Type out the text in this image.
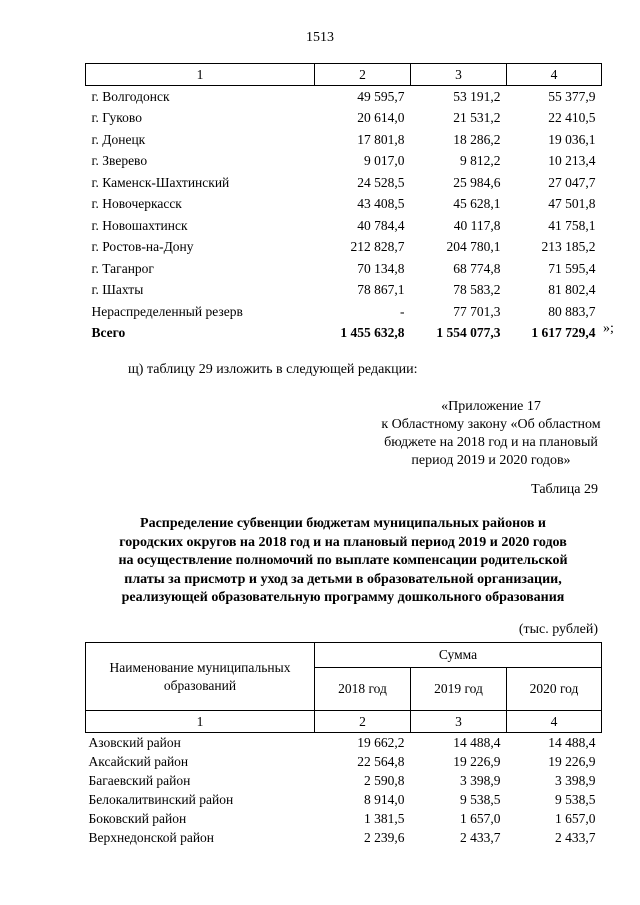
1513
1	2	3	4
г. Волгодонск	49 595,7	53 191,2	55 377,9
г. Гуково	20 614,0	21 531,2	22 410,5
г. Донецк	17 801,8	18 286,2	19 036,1
г. Зверево	9 017,0	9 812,2	10 213,4
г. Каменск-Шахтинский	24 528,5	25 984,6	27 047,7
г. Новочеркасск	43 408,5	45 628,1	47 501,8
г. Новошахтинск	40 784,4	40 117,8	41 758,1
г. Ростов-на-Дону	212 828,7	204 780,1	213 185,2
г. Таганрог	70 134,8	68 774,8	71 595,4
г. Шахты	78 867,1	78 583,2	81 802,4
Нераспределенный резерв	-	77 701,3	80 883,7
Всего	1 455 632,8	1 554 077,3	1 617 729,4 »;
щ) таблицу 29 изложить в следующей редакции:
«Приложение 17
к Областному закону «Об областном
бюджете на 2018 год и на плановый
период 2019 и 2020 годов»
Таблица 29
Распределение субвенции бюджетам муниципальных районов и
городских округов на 2018 год и на плановый период 2019 и 2020 годов
на осуществление полномочий по выплате компенсации родительской
платы за присмотр и уход за детьми в образовательной организации,
реализующей образовательную программу дошкольного образования
(тыс. рублей)
Наименование муниципальных
образований	Сумма		
	2018 год	2019 год	2020 год
1	2	3	4
Азовский район	19 662,2	14 488,4	14 488,4
Аксайский район	22 564,8	19 226,9	19 226,9
Багаевский район	2 590,8	3 398,9	3 398,9
Белокалитвинский район	8 914,0	9 538,5	9 538,5
Боковский район	1 381,5	1 657,0	1 657,0
Верхнедонской район	2 239,6	2 433,7	2 433,7
